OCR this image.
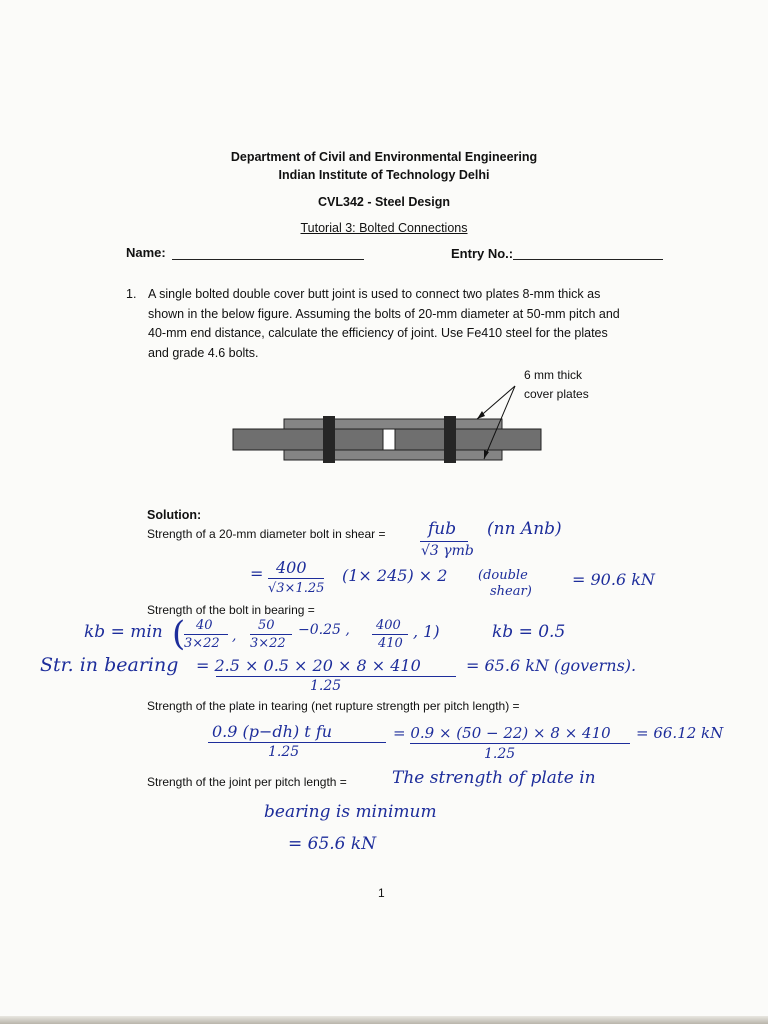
Department of Civil and Environmental Engineering
Indian Institute of Technology Delhi
CVL342 - Steel Design
Tutorial 3: Bolted Connections
Name:	Entry No.:
1. A single bolted double cover butt joint is used to connect two plates 8-mm thick as
shown in the below figure. Assuming the bolts of 20-mm diameter at 50-mm pitch and
40-mm end distance, calculate the efficiency of joint. Use Fe410 steel for the plates
and grade 4.6 bolts.
6 mm thick
cover plates
Solution:
Strength of a 20-mm diameter bolt in shear =	fub
√3 γmb
(nn Anb)
= 400
√3×1.25
(1× 245) × 2 (double
shear)
= 90.6 kN
Strength of the bolt in bearing =
kb = min ( 40
3×22 ,
50
3×22
−0.25 , 400
410
, 1)	kb = 0.5
Str. in bearing = 2.5 × 0.5 × 20 × 8 × 410
1.25
= 65.6 kN (governs).
Strength of the plate in tearing (net rupture strength per pitch length) =
0.9 (p−dh) t fu
1.25
= 0.9 × (50 − 22) × 8 × 410
1.25
= 66.12 kN
Strength of the joint per pitch length =	The strength of plate in
bearing is minimum
= 65.6 kN
1
